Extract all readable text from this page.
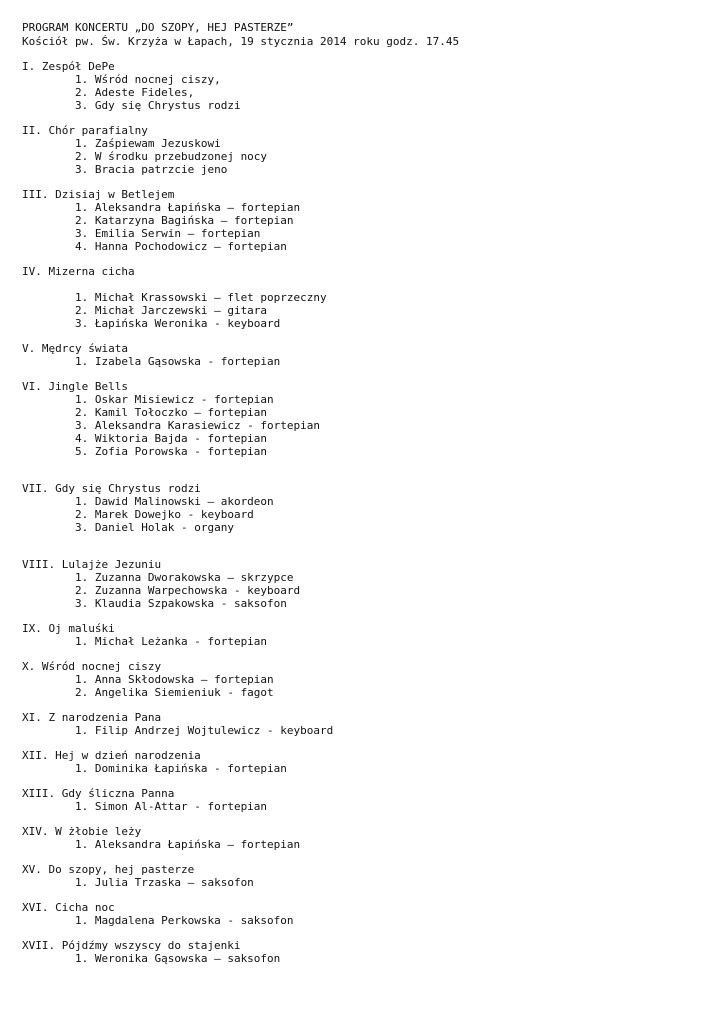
PROGRAM KONCERTU „DO SZOPY, HEJ PASTERZE”
Kościół pw. Św. Krzyża w Łapach, 19 stycznia 2014 roku godz. 17.45
I. Zespół DePe
1. Wśród nocnej ciszy,
2. Adeste Fideles,
3. Gdy się Chrystus rodzi
II. Chór parafialny
1. Zaśpiewam Jezuskowi
2. W środku przebudzonej nocy
3. Bracia patrzcie jeno
III. Dzisiaj w Betlejem
1. Aleksandra Łapińska – fortepian
2. Katarzyna Bagińska – fortepian
3. Emilia Serwin – fortepian
4. Hanna Pochodowicz – fortepian
IV. Mizerna cicha
1. Michał Krassowski – flet poprzeczny
2. Michał Jarczewski – gitara
3. Łapińska Weronika - keyboard
V. Mędrcy świata
1. Izabela Gąsowska - fortepian
VI. Jingle Bells
1. Oskar Misiewicz - fortepian
2. Kamil Tołoczko – fortepian
3. Aleksandra Karasiewicz - fortepian
4. Wiktoria Bajda - fortepian
5. Zofia Porowska - fortepian
VII. Gdy się Chrystus rodzi
1. Dawid Malinowski – akordeon
2. Marek Dowejko - keyboard
3. Daniel Holak - organy
VIII. Lulajże Jezuniu
1. Zuzanna Dworakowska – skrzypce
2. Zuzanna Warpechowska - keyboard
3. Klaudia Szpakowska - saksofon
IX. Oj maluśki
1. Michał Leżanka - fortepian
X. Wśród nocnej ciszy
1. Anna Skłodowska – fortepian
2. Angelika Siemieniuk - fagot
XI. Z narodzenia Pana
1. Filip Andrzej Wojtulewicz - keyboard
XII. Hej w dzień narodzenia
1. Dominika Łapińska - fortepian
XIII. Gdy śliczna Panna
1. Simon Al-Attar - fortepian
XIV. W żłobie leży
1. Aleksandra Łapińska – fortepian
XV. Do szopy, hej pasterze
1. Julia Trzaska – saksofon
XVI. Cicha noc
1. Magdalena Perkowska - saksofon
XVII. Pójdźmy wszyscy do stajenki
1. Weronika Gąsowska – saksofon
